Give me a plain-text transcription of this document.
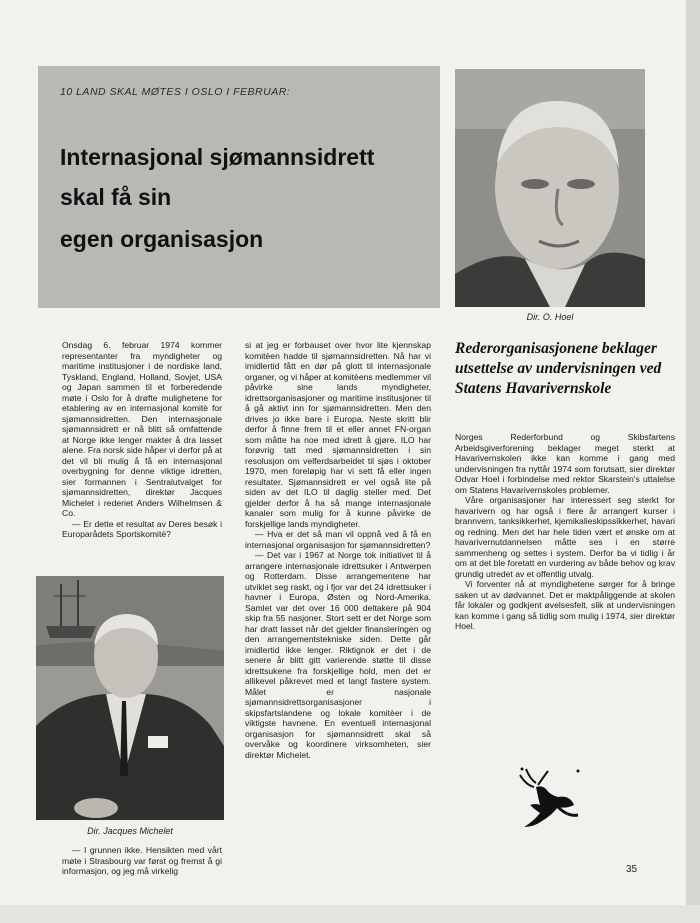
10 LAND SKAL MØTES I OSLO I FEBRUAR:
Internasjonal sjømannsidrett
skal få sin
egen organisasjon
Dir. O. Hoel
Rederorganisasjonene beklager utsettelse av undervisningen ved Statens Havarivernskole

Onsdag 6. februar 1974 kommer representanter fra myndigheter og maritime institusjoner i de nordiske land, Tyskland, England, Holland, Sovjet, USA og Japan sammen til et forberedende møte i Oslo for å drøfte mulighetene for etablering av en internasjonal komitè for sjømannsidretten. Den internasjonale sjømannsidrett er nå blitt så omfattende at Norge ikke lenger makter å dra lasset alene. Fra norsk side håper vi derfor på at det vil bli mulig å få en internasjonal overbygning for denne viktige idretten, sier formannen i Sentralutvalget for sjømannsidretten, direktør Jacques Michelet i rederiet Anders Wilhelmsen & Co.

— Er dette et resultat av Deres besøk i Europarådets Sportskomitè?

Dir. Jacques Michelet

— I grunnen ikke. Hensikten med vårt møte i Strasbourg var først og fremst å gi informasjon, og jeg må virkelig

si at jeg er forbauset over hvor lite kjennskap komitèen hadde til sjømannsidretten. Nå har vi imidlertid fått en dør på glott til internasjonale organer, og vi håper at komitèens medlemmer vil påvirke sine lands myndigheter, idrettsorganisasjoner og maritime institusjoner til å gå aktivt inn for sjømannsidretten. Men den drives jo ikke bare i Europa. Neste skritt blir derfor å finne frem til et eller annet FN-organ som måtte ha noe med idrett å gjøre. ILO har forøvrig tatt med sjømannsidretten i sin resolusjon om velferdsarbeidet til sjøs i oktober 1970, men foreløpig har vi sett få eller ingen resultater. Sjømannsidrett er vel også lite på siden av det ILO til daglig steller med. Det gjelder derfor å ha så mange internasjonale kanaler som mulig for å kunne påvirke de forskjellige lands myndigheter.

— Hva er det så man vil oppnå ved å få en internasjonal organisasjon for sjømannsidretten?

— Det var i 1967 at Norge tok initiativet til å arrangere internasjonale idrettsuker i Antwerpen og Rotterdam. Disse arrangementene har utviklet seg raskt, og i fjor var det 24 idrettsuker i havner i Europa, Østen og Nord-Amerika. Samlet var det over 16 000 deltakere på 904 skip fra 55 nasjoner. Stort sett er det Norge som har dratt lasset når det gjelder finansieringen og den arrangementstekniske siden. Dette går imidlertid ikke lenger. Riktignok er det i de senere år blitt gitt varierende støtte til disse idrettsukene fra forskjellige hold, men det er allikevel påkrevet med et langt fastere system. Målet er nasjonale sjømannsidrettsorganisasjoner i skipsfartslandene og lokale komitèer i de viktigste havnene. En eventuell internasjonal organisasjon for sjømannsidrett skal så overvåke og koordinere virksomheten, sier direktør Michelet.

Norges Rederforbund og Skibsfartens Arbeidsgiverforening beklager meget sterkt at Havarivernskolen ikke kan komme i gang med undervisningen fra nyttår 1974 som forutsatt, sier direktør Odvar Hoel i forbindelse med rektor Skarstein's uttalelse om Statens Havarivernskoles problemer.

Våre organisasjoner har interessert seg sterkt for havarivern og har også i flere år arrangert kurser i brannvern, tanksikkerhet, kjemikalieskipssikkerhet, havari og redning. Men det har hele tiden vært et ønske om at havarivernutdannelsen måtte ses i en større sammenheng og settes i system. Derfor ba vi tidlig i år om at det ble foretatt en vurdering av både behov og krav grundig utredet av et offentlig utvalg.

Vi forventer nå at myndighetene sørger for å bringe saken ut av dødvannet. Det er maktpåliggende at skolen får lokaler og godkjent øvelsesfelt, slik at undervisningen kan komme i gang så tidlig som mulig i 1974, sier direktør Hoel.

35
